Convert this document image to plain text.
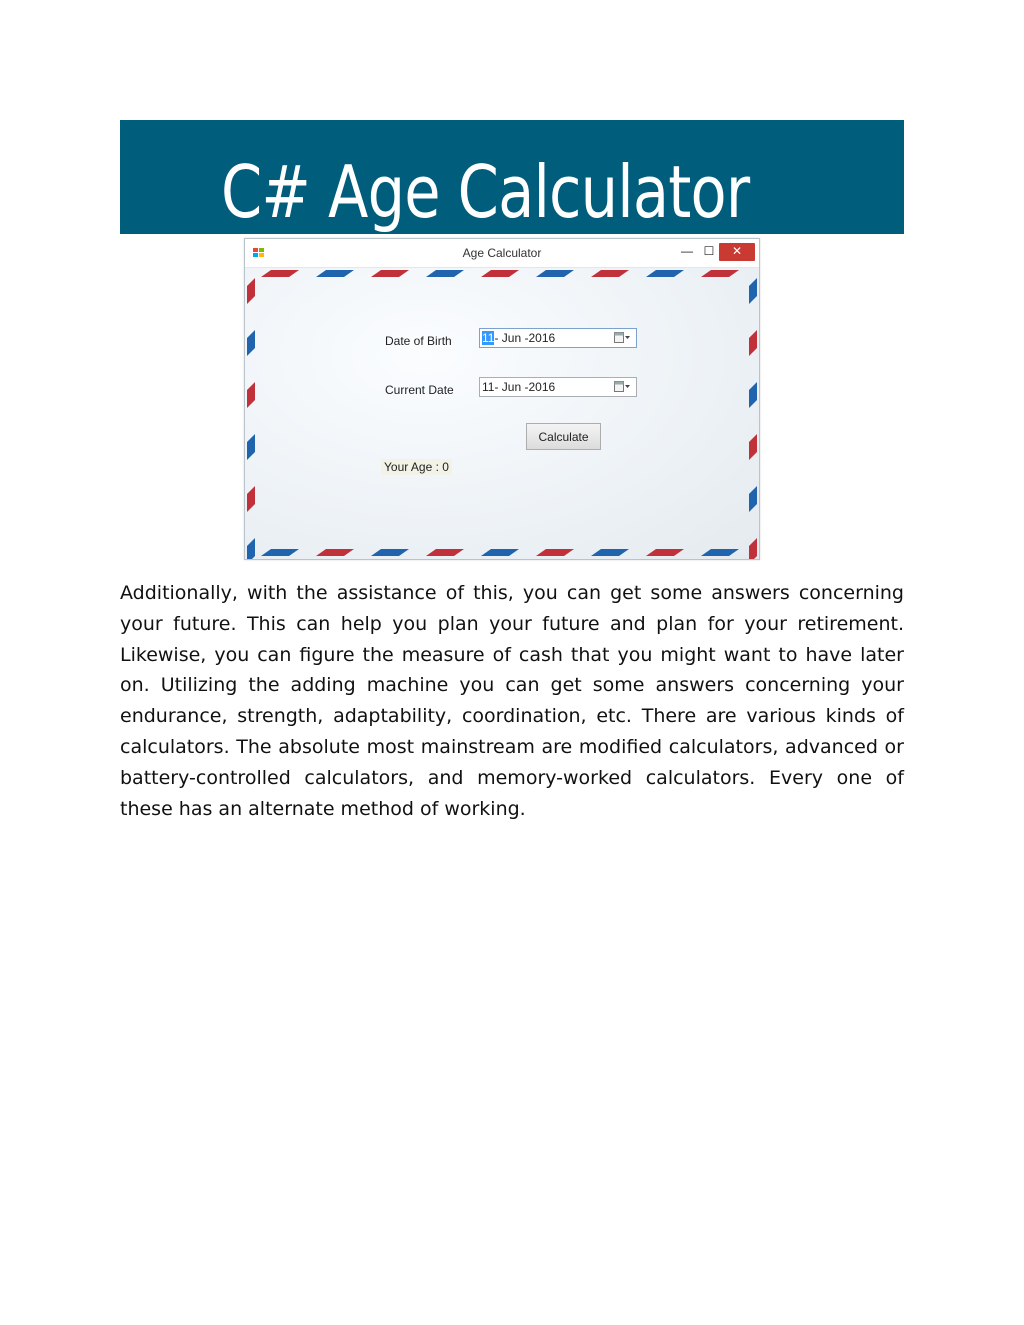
C# Age Calculator
Age Calculator	— ☐	✕
Date of Birth	11- Jun -2016
Current Date 11- Jun -2016
Calculate
Your Age : 0

Additionally, with the assistance of this, you can get some answers concerning your future. This can help you plan your future and plan for your retirement. Likewise, you can figure the measure of cash that you might want to have later on. Utilizing the adding machine you can get some answers concerning your endurance, strength, adaptability, coordination, etc. There are various kinds of calculators. The absolute most mainstream are modified calculators, advanced or battery-controlled calculators, and memory-worked calculators. Every one of these has an alternate method of working.
